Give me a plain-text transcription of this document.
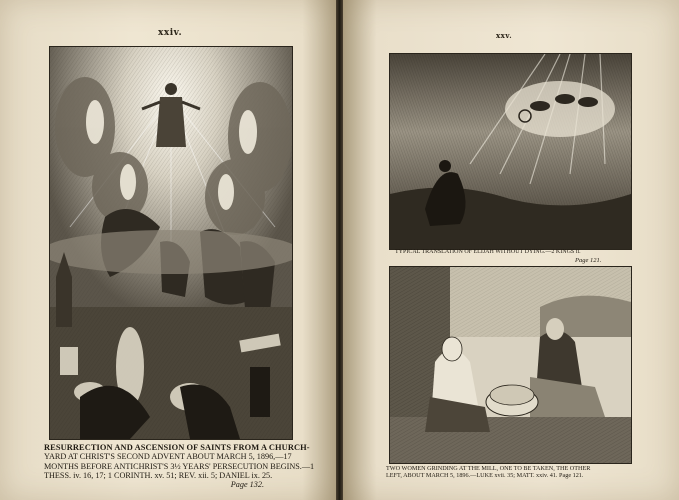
xxiv.	xxv.
TYPICAL TRANSLATION OF ELIJAH WITHOUT DYING.—2 KINGS ii.
Page 121.
TWO WOMEN GRINDING AT THE MILL, ONE TO BE TAKEN, THE OTHER
LEFT, ABOUT MARCH 5, 1896.—LUKE xvii. 35; MATT. xxiv. 41. Page 121.
RESURRECTION AND ASCENSION OF SAINTS FROM A CHURCH-
YARD AT CHRIST'S SECOND ADVENT ABOUT MARCH 5, 1896,—17
MONTHS BEFORE ANTICHRIST'S 3½ YEARS' PERSECUTION BEGINS.—1
THESS. iv. 16, 17; 1 CORINTH. xv. 51; REV. xii. 5; DANIEL ix. 25.
Page 132.
